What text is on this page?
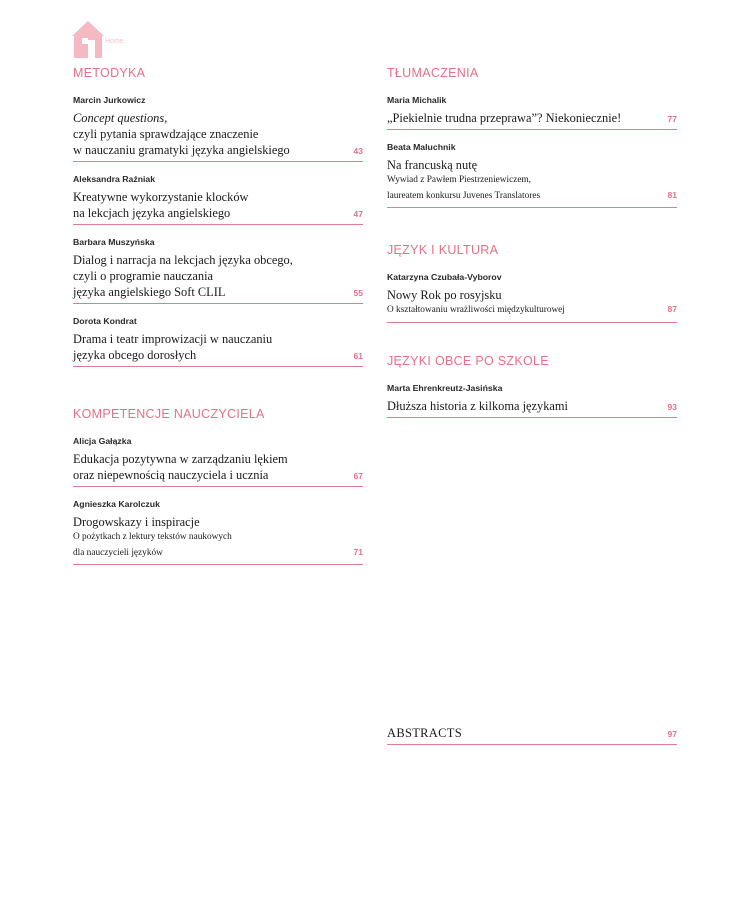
Home
METODYKA
Marcin Jurkowicz
Concept questions,
czyli pytania sprawdzające znaczenie
w nauczaniu gramatyki języka angielskiego	43
Aleksandra Raźniak
Kreatywne wykorzystanie klocków
na lekcjach języka angielskiego	47
Barbara Muszyńska
Dialog i narracja na lekcjach języka obcego,
czyli o programie nauczania
języka angielskiego Soft CLIL	55
Dorota Kondrat
Drama i teatr improwizacji w nauczaniu
języka obcego dorosłych	61
KOMPETENCJE NAUCZYCIELA
Alicja Gałązka
Edukacja pozytywna w zarządzaniu lękiem
oraz niepewnością nauczyciela i ucznia	67
Agnieszka Karolczuk
Drogowskazy i inspiracje
O pożytkach z lektury tekstów naukowych
dla nauczycieli języków	71
TŁUMACZENIA
Maria Michalik
„Piekielnie trudna przeprawa”? Niekoniecznie!	77
Beata Maluchnik
Na francuską nutę
Wywiad z Pawłem Piestrzeniewiczem,
laureatem konkursu Juvenes Translatores	81
JĘZYK I KULTURA
Katarzyna Czubała-Vyborov
Nowy Rok po rosyjsku
O kształtowaniu wrażliwości międzykulturowej	87
JĘZYKI OBCE PO SZKOLE
Marta Ehrenkreutz-Jasińska
Dłuższa historia z kilkoma językami	93
ABSTRACTS	97
